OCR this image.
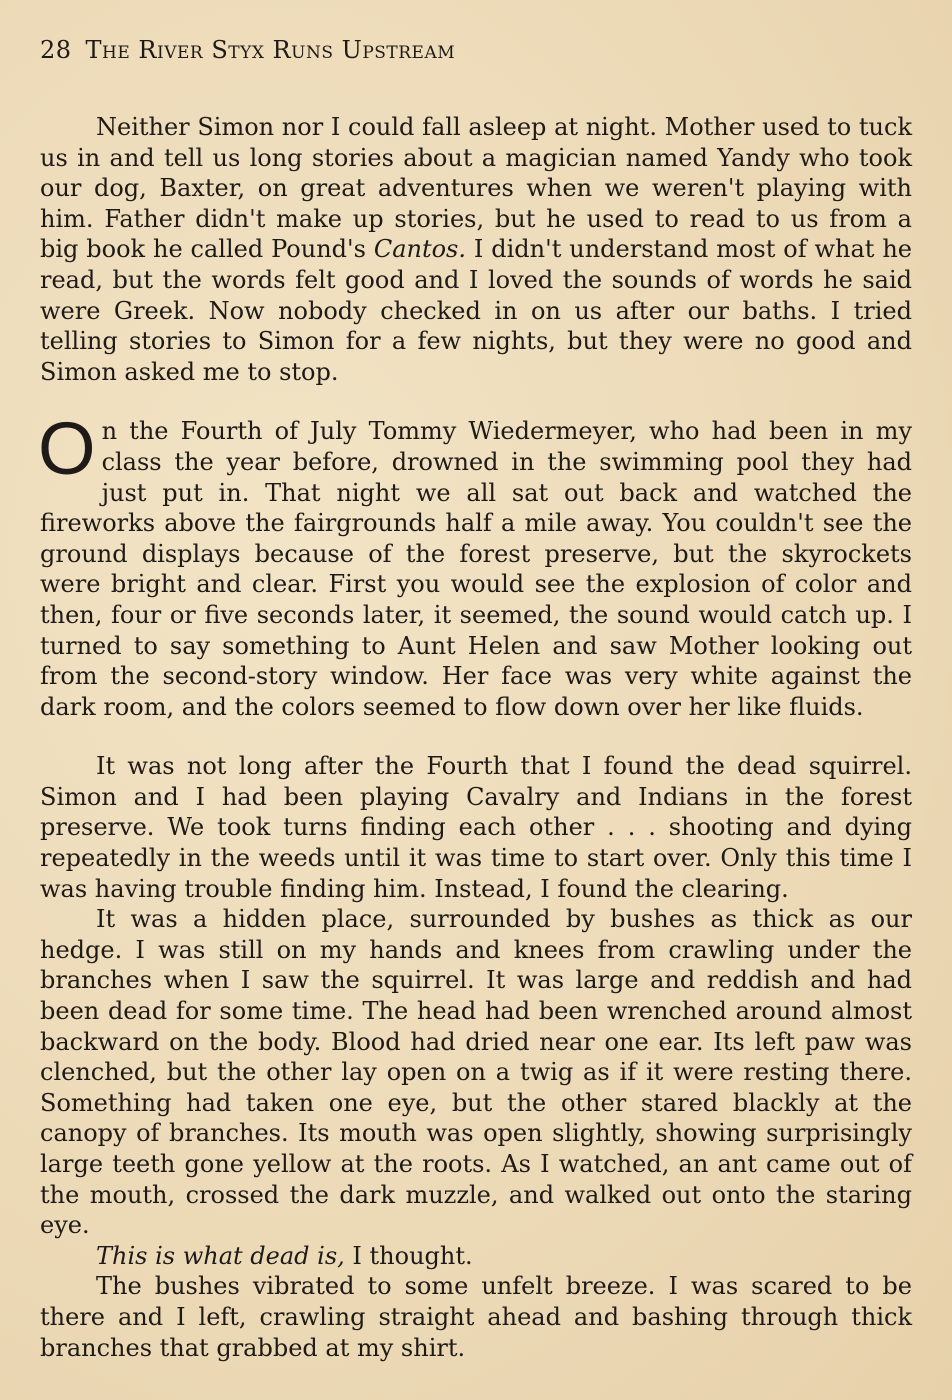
28 The River Styx Runs Upstream

Neither Simon nor I could fall asleep at night. Mother used to tuck us in and tell us long stories about a magician named Yandy who took our dog, Baxter, on great adventures when we weren't playing with him. Father didn't make up stories, but he used to read to us from a big book he called Pound's Cantos. I didn't understand most of what he read, but the words felt good and I loved the sounds of words he said were Greek. Now nobody checked in on us after our baths. I tried telling stories to Simon for a few nights, but they were no good and Simon asked me to stop.

On the Fourth of July Tommy Wiedermeyer, who had been in my class the year before, drowned in the swimming pool they had just put in. That night we all sat out back and watched the fireworks above the fairgrounds half a mile away. You couldn't see the ground displays because of the forest preserve, but the skyrockets were bright and clear. First you would see the explosion of color and then, four or five seconds later, it seemed, the sound would catch up. I turned to say something to Aunt Helen and saw Mother looking out from the second-story window. Her face was very white against the dark room, and the colors seemed to flow down over her like fluids.

It was not long after the Fourth that I found the dead squirrel. Simon and I had been playing Cavalry and Indians in the forest preserve. We took turns finding each other . . . shooting and dying repeatedly in the weeds until it was time to start over. Only this time I was having trouble finding him. Instead, I found the clearing.

It was a hidden place, surrounded by bushes as thick as our hedge. I was still on my hands and knees from crawling under the branches when I saw the squirrel. It was large and reddish and had been dead for some time. The head had been wrenched around almost backward on the body. Blood had dried near one ear. Its left paw was clenched, but the other lay open on a twig as if it were resting there. Something had taken one eye, but the other stared blackly at the canopy of branches. Its mouth was open slightly, showing surprisingly large teeth gone yellow at the roots. As I watched, an ant came out of the mouth, crossed the dark muzzle, and walked out onto the staring eye.

This is what dead is, I thought.

The bushes vibrated to some unfelt breeze. I was scared to be there and I left, crawling straight ahead and bashing through thick branches that grabbed at my shirt.
